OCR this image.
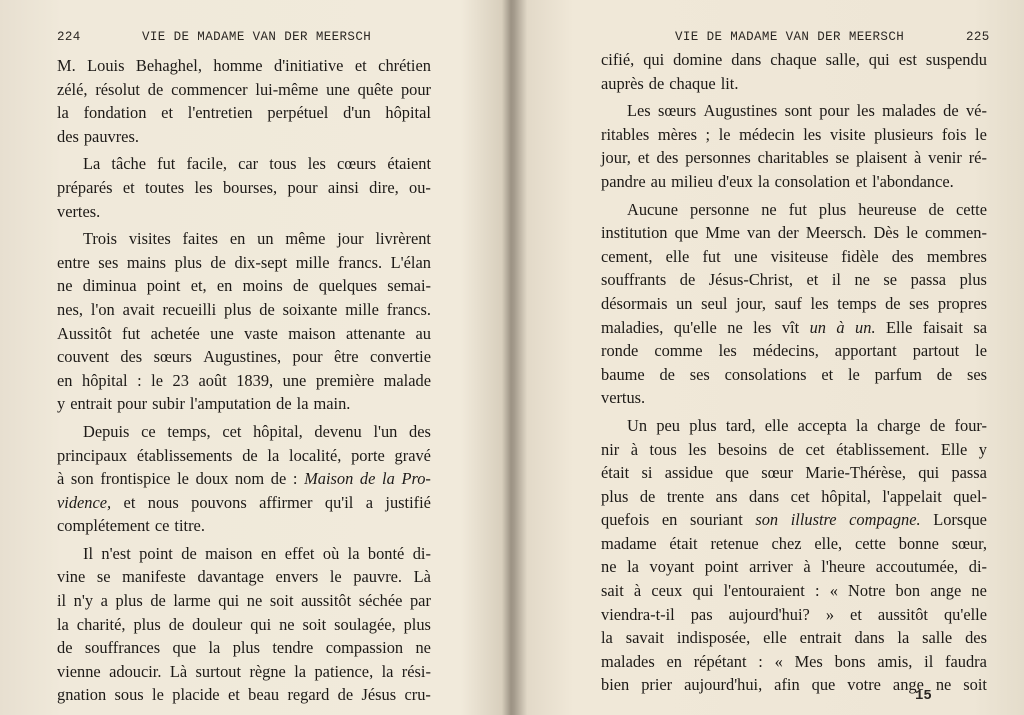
224	VIE DE MADAME VAN DER MEERSCH
M. Louis Behaghel, homme d'initiative et chrétien
zélé, résolut de commencer lui-même une quête pour
la fondation et l'entretien perpétuel d'un hôpital
des pauvres.
La tâche fut facile, car tous les cœurs étaient
préparés et toutes les bourses, pour ainsi dire, ou-
vertes.
Trois visites faites en un même jour livrèrent
entre ses mains plus de dix-sept mille francs. L'élan
ne diminua point et, en moins de quelques semai-
nes, l'on avait recueilli plus de soixante mille francs.
Aussitôt fut achetée une vaste maison attenante au
couvent des sœurs Augustines, pour être convertie
en hôpital : le 23 août 1839, une première malade
y entrait pour subir l'amputation de la main.
Depuis ce temps, cet hôpital, devenu l'un des
principaux établissements de la localité, porte gravé
à son frontispice le doux nom de : Maison de la Pro-
vidence, et nous pouvons affirmer qu'il a justifié
complétement ce titre.
Il n'est point de maison en effet où la bonté di-
vine se manifeste davantage envers le pauvre. Là
il n'y a plus de larme qui ne soit aussitôt séchée par
la charité, plus de douleur qui ne soit soulagée, plus
de souffrances que la plus tendre compassion ne
vienne adoucir. Là surtout règne la patience, la rési-
gnation sous le placide et beau regard de Jésus cru-
VIE DE MADAME VAN DER MEERSCH	225
cifié, qui domine dans chaque salle, qui est suspendu
auprès de chaque lit.
Les sœurs Augustines sont pour les malades de vé-
ritables mères ; le médecin les visite plusieurs fois le
jour, et des personnes charitables se plaisent à venir ré-
pandre au milieu d'eux la consolation et l'abondance.
Aucune personne ne fut plus heureuse de cette
institution que Mme van der Meersch. Dès le commen-
cement, elle fut une visiteuse fidèle des membres
souffrants de Jésus-Christ, et il ne se passa plus
désormais un seul jour, sauf les temps de ses propres
maladies, qu'elle ne les vît un à un. Elle faisait sa
ronde comme les médecins, apportant partout le
baume de ses consolations et le parfum de ses
vertus.
Un peu plus tard, elle accepta la charge de four-
nir à tous les besoins de cet établissement. Elle y
était si assidue que sœur Marie-Thérèse, qui passa
plus de trente ans dans cet hôpital, l'appelait quel-
quefois en souriant son illustre compagne. Lorsque
madame était retenue chez elle, cette bonne sœur,
ne la voyant point arriver à l'heure accoutumée, di-
sait à ceux qui l'entouraient : « Notre bon ange ne
viendra-t-il pas aujourd'hui? » et aussitôt qu'elle
la savait indisposée, elle entrait dans la salle des
malades en répétant : « Mes bons amis, il faudra
bien prier aujourd'hui, afin que votre ange ne soit
15
